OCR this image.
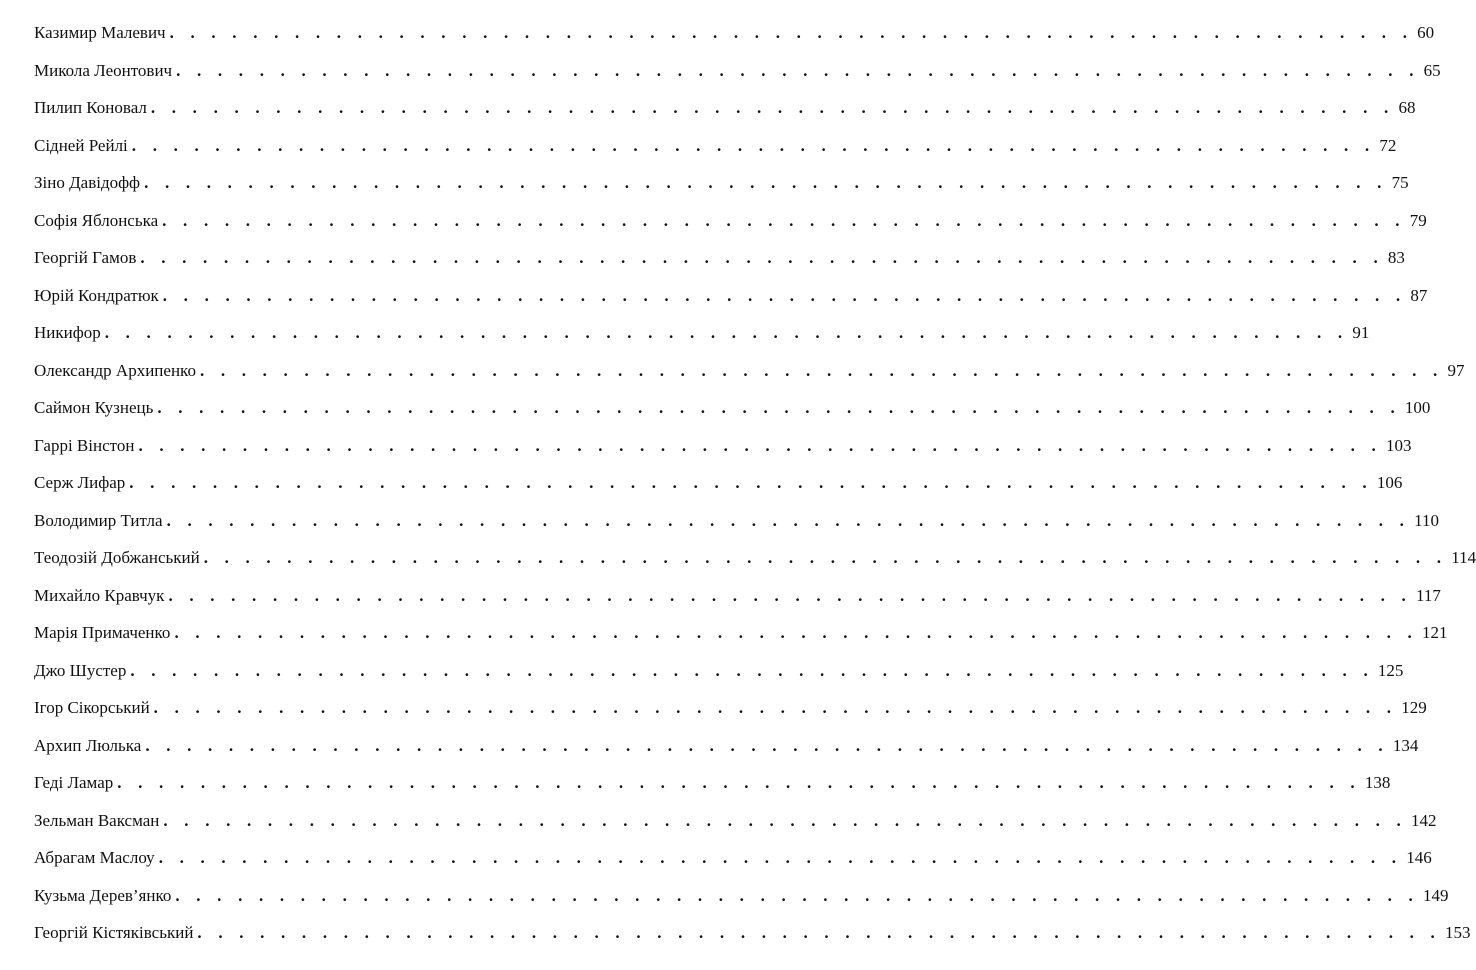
Казимир Малевич . . . . . . . . . . . . . . . . . . . . . . . . . . . . . . . . . . . . . . . . . . . . . . . . . . . . . . . . . . . . 60
Микола Леонтович . . . . . . . . . . . . . . . . . . . . . . . . . . . . . . . . . . . . . . . . . . . . . . . . . . . . . . . . . . . . 65
Пилип Коновал . . . . . . . . . . . . . . . . . . . . . . . . . . . . . . . . . . . . . . . . . . . . . . . . . . . . . . . . . . . . 68
Сідней Рейлі . . . . . . . . . . . . . . . . . . . . . . . . . . . . . . . . . . . . . . . . . . . . . . . . . . . . . . . . . . . . 72
Зіно Давідофф . . . . . . . . . . . . . . . . . . . . . . . . . . . . . . . . . . . . . . . . . . . . . . . . . . . . . . . . . . . . 75
Софія Яблонська . . . . . . . . . . . . . . . . . . . . . . . . . . . . . . . . . . . . . . . . . . . . . . . . . . . . . . . . . . . . 79
Георгій Гамов . . . . . . . . . . . . . . . . . . . . . . . . . . . . . . . . . . . . . . . . . . . . . . . . . . . . . . . . . . . . 83
Юрій Кондратюк . . . . . . . . . . . . . . . . . . . . . . . . . . . . . . . . . . . . . . . . . . . . . . . . . . . . . . . . . . . . 87
Никифор . . . . . . . . . . . . . . . . . . . . . . . . . . . . . . . . . . . . . . . . . . . . . . . . . . . . . . . . . . . . 91
Олександр Архипенко . . . . . . . . . . . . . . . . . . . . . . . . . . . . . . . . . . . . . . . . . . . . . . . . . . . . . . . . . . . . 97
Саймон Кузнець . . . . . . . . . . . . . . . . . . . . . . . . . . . . . . . . . . . . . . . . . . . . . . . . . . . . . . . . . . . . 100
Гаррі Вінстон . . . . . . . . . . . . . . . . . . . . . . . . . . . . . . . . . . . . . . . . . . . . . . . . . . . . . . . . . . . . 103
Серж Лифар . . . . . . . . . . . . . . . . . . . . . . . . . . . . . . . . . . . . . . . . . . . . . . . . . . . . . . . . . . . . 106
Володимир Титла . . . . . . . . . . . . . . . . . . . . . . . . . . . . . . . . . . . . . . . . . . . . . . . . . . . . . . . . . . . . 110
Теодозій Добжанський . . . . . . . . . . . . . . . . . . . . . . . . . . . . . . . . . . . . . . . . . . . . . . . . . . . . . . . . . . . . 114
Михайло Кравчук . . . . . . . . . . . . . . . . . . . . . . . . . . . . . . . . . . . . . . . . . . . . . . . . . . . . . . . . . . . . 117
Марія Примаченко . . . . . . . . . . . . . . . . . . . . . . . . . . . . . . . . . . . . . . . . . . . . . . . . . . . . . . . . . . . . 121
Джо Шустер . . . . . . . . . . . . . . . . . . . . . . . . . . . . . . . . . . . . . . . . . . . . . . . . . . . . . . . . . . . . 125
Ігор Сікорський . . . . . . . . . . . . . . . . . . . . . . . . . . . . . . . . . . . . . . . . . . . . . . . . . . . . . . . . . . . . 129
Архип Люлька . . . . . . . . . . . . . . . . . . . . . . . . . . . . . . . . . . . . . . . . . . . . . . . . . . . . . . . . . . . . 134
Геді Ламар . . . . . . . . . . . . . . . . . . . . . . . . . . . . . . . . . . . . . . . . . . . . . . . . . . . . . . . . . . . . 138
Зельман Ваксман . . . . . . . . . . . . . . . . . . . . . . . . . . . . . . . . . . . . . . . . . . . . . . . . . . . . . . . . . . . . 142
Абрагам Маслоу . . . . . . . . . . . . . . . . . . . . . . . . . . . . . . . . . . . . . . . . . . . . . . . . . . . . . . . . . . . . 146
Кузьма Дерев’янко . . . . . . . . . . . . . . . . . . . . . . . . . . . . . . . . . . . . . . . . . . . . . . . . . . . . . . . . . . . . 149
Георгій Кістяківський . . . . . . . . . . . . . . . . . . . . . . . . . . . . . . . . . . . . . . . . . . . . . . . . . . . . . . . . . . . . 153
